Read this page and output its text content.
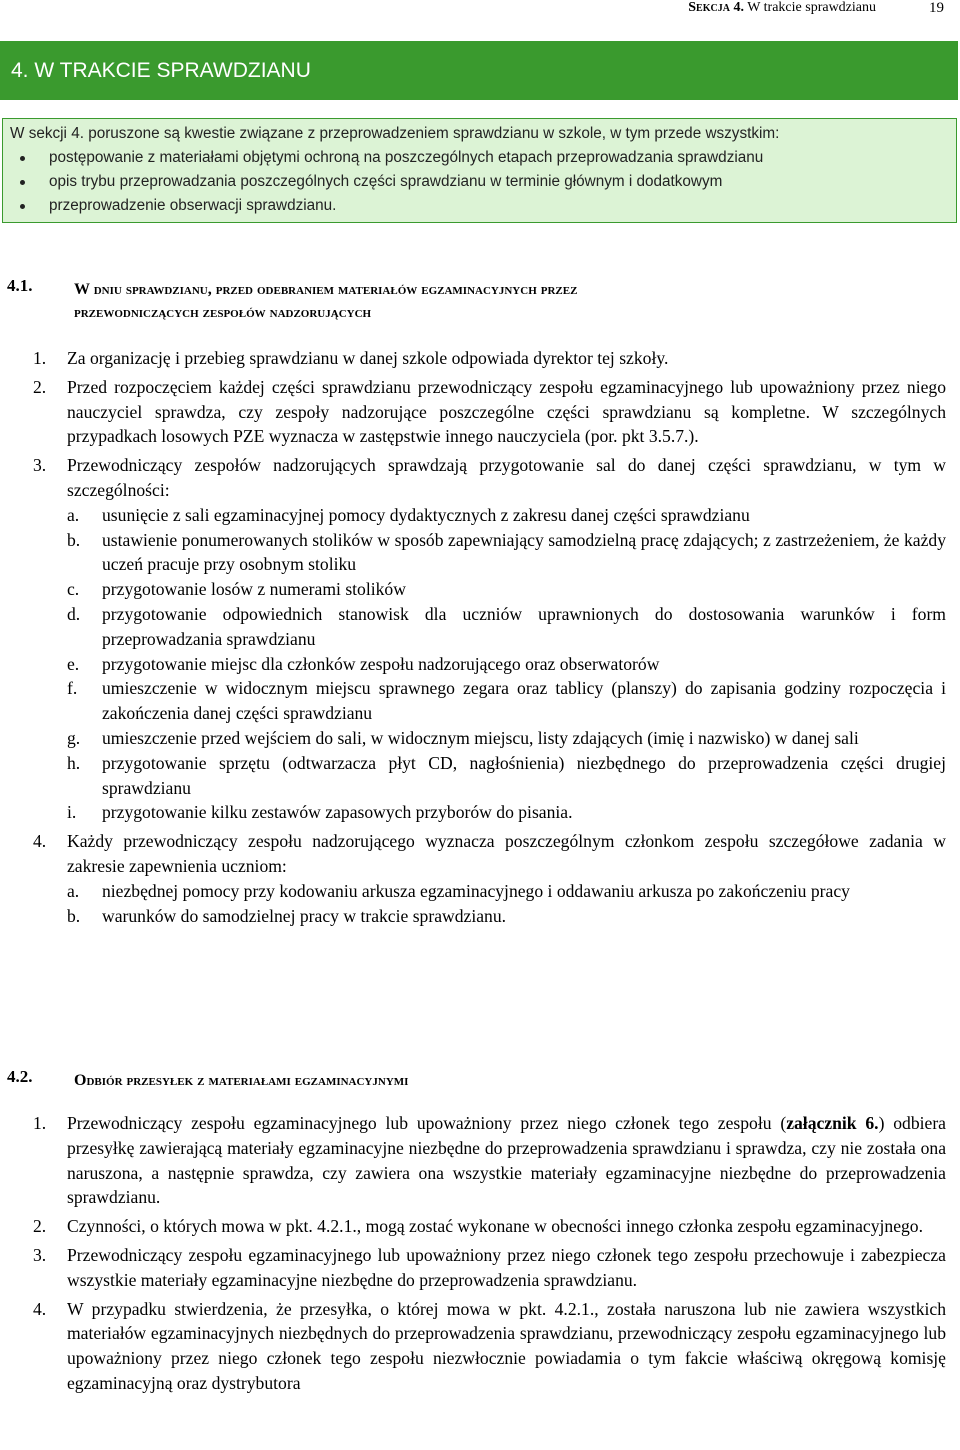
Sekcja 4. W trakcie sprawdzianu	19
4. W TRAKCIE SPRAWDZIANU
W sekcji 4. poruszone są kwestie związane z przeprowadzeniem sprawdzianu w szkole, w tym przede wszystkim:
postępowanie z materiałami objętymi ochroną na poszczególnych etapach przeprowadzania sprawdzianu
opis trybu przeprowadzania poszczególnych części sprawdzianu w terminie głównym i dodatkowym
przeprowadzenie obserwacji sprawdzianu.
4.1.	W dniu sprawdzianu, przed odebraniem materiałów egzaminacyjnych przez
przewodniczących zespołów nadzorujących
1. Za organizację i przebieg sprawdzianu w danej szkole odpowiada dyrektor tej szkoły.
2. Przed rozpoczęciem każdej części sprawdzianu przewodniczący zespołu egzaminacyjnego lub upoważniony przez niego nauczyciel sprawdza, czy zespoły nadzorujące poszczególne części sprawdzianu są kompletne. W szczególnych przypadkach losowych PZE wyznacza w zastępstwie innego nauczyciela (por. pkt 3.5.7.).
3. Przewodniczący zespołów nadzorujących sprawdzają przygotowanie sal do danej części sprawdzianu, w tym w szczególności:
a. usunięcie z sali egzaminacyjnej pomocy dydaktycznych z zakresu danej części sprawdzianu
b. ustawienie ponumerowanych stolików w sposób zapewniający samodzielną pracę zdających; z zastrzeżeniem, że każdy uczeń pracuje przy osobnym stoliku
c. przygotowanie losów z numerami stolików
d. przygotowanie odpowiednich stanowisk dla uczniów uprawnionych do dostosowania warunków i form przeprowadzania sprawdzianu
e. przygotowanie miejsc dla członków zespołu nadzorującego oraz obserwatorów
f. umieszczenie w widocznym miejscu sprawnego zegara oraz tablicy (planszy) do zapisania godziny rozpoczęcia i zakończenia danej części sprawdzianu
g. umieszczenie przed wejściem do sali, w widocznym miejscu, listy zdających (imię i nazwisko) w danej sali
h. przygotowanie sprzętu (odtwarzacza płyt CD, nagłośnienia) niezbędnego do przeprowadzenia części drugiej sprawdzianu
i. przygotowanie kilku zestawów zapasowych przyborów do pisania.
4. Każdy przewodniczący zespołu nadzorującego wyznacza poszczególnym członkom zespołu szczegółowe zadania w zakresie zapewnienia uczniom:
a. niezbędnej pomocy przy kodowaniu arkusza egzaminacyjnego i oddawaniu arkusza po zakończeniu pracy
b. warunków do samodzielnej pracy w trakcie sprawdzianu.
4.2.	Odbiór przesyłek z materiałami egzaminacyjnymi
1. Przewodniczący zespołu egzaminacyjnego lub upoważniony przez niego członek tego zespołu (załącznik 6.) odbiera przesyłkę zawierającą materiały egzaminacyjne niezbędne do przeprowadzenia sprawdzianu i sprawdza, czy nie została ona naruszona, a następnie sprawdza, czy zawiera ona wszystkie materiały egzaminacyjne niezbędne do przeprowadzenia sprawdzianu.
2. Czynności, o których mowa w pkt. 4.2.1., mogą zostać wykonane w obecności innego członka zespołu egzaminacyjnego.
3. Przewodniczący zespołu egzaminacyjnego lub upoważniony przez niego członek tego zespołu przechowuje i zabezpiecza wszystkie materiały egzaminacyjne niezbędne do przeprowadzenia sprawdzianu.
4. W przypadku stwierdzenia, że przesyłka, o której mowa w pkt. 4.2.1., została naruszona lub nie zawiera wszystkich materiałów egzaminacyjnych niezbędnych do przeprowadzenia sprawdzianu, przewodniczący zespołu egzaminacyjnego lub upoważniony przez niego członek tego zespołu niezwłocznie powiadamia o tym fakcie właściwą okręgową komisję egzaminacyjną oraz dystrybutora
